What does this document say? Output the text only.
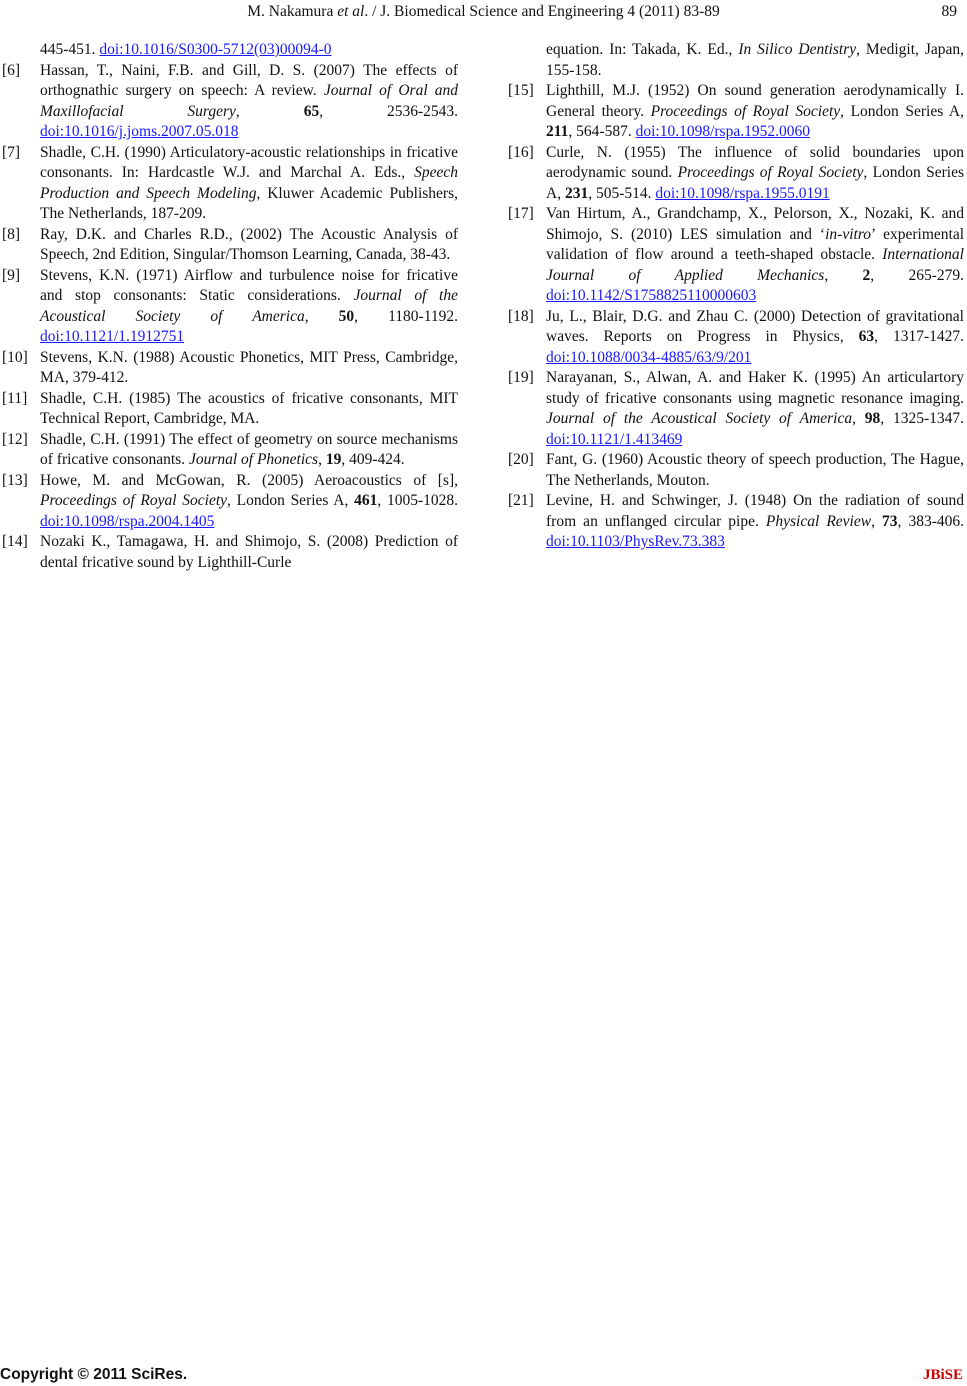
M. Nakamura et al. / J. Biomedical Science and Engineering 4 (2011) 83-89	89
445-451. doi:10.1016/S0300-5712(03)00094-0
[6] Hassan, T., Naini, F.B. and Gill, D. S. (2007) The effects of orthognathic surgery on speech: A review. Journal of Oral and Maxillofacial Surgery, 65, 2536-2543. doi:10.1016/j.joms.2007.05.018
[7] Shadle, C.H. (1990) Articulatory-acoustic relationships in fricative consonants. In: Hardcastle W.J. and Marchal A. Eds., Speech Production and Speech Modeling, Kluwer Academic Publishers, The Netherlands, 187-209.
[8] Ray, D.K. and Charles R.D., (2002) The Acoustic Analysis of Speech, 2nd Edition, Singular/Thomson Learning, Canada, 38-43.
[9] Stevens, K.N. (1971) Airflow and turbulence noise for fricative and stop consonants: Static considerations. Journal of the Acoustical Society of America, 50, 1180-1192. doi:10.1121/1.1912751
[10] Stevens, K.N. (1988) Acoustic Phonetics, MIT Press, Cambridge, MA, 379-412.
[11] Shadle, C.H. (1985) The acoustics of fricative consonants, MIT Technical Report, Cambridge, MA.
[12] Shadle, C.H. (1991) The effect of geometry on source mechanisms of fricative consonants. Journal of Phonetics, 19, 409-424.
[13] Howe, M. and McGowan, R. (2005) Aeroacoustics of [s], Proceedings of Royal Society, London Series A, 461, 1005-1028. doi:10.1098/rspa.2004.1405
[14] Nozaki K., Tamagawa, H. and Shimojo, S. (2008) Prediction of dental fricative sound by Lighthill-Curle
equation. In: Takada, K. Ed., In Silico Dentistry, Medigit, Japan, 155-158.
[15] Lighthill, M.J. (1952) On sound generation aerodynamically I. General theory. Proceedings of Royal Society, London Series A, 211, 564-587. doi:10.1098/rspa.1952.0060
[16] Curle, N. (1955) The influence of solid boundaries upon aerodynamic sound. Proceedings of Royal Society, London Series A, 231, 505-514. doi:10.1098/rspa.1955.0191
[17] Van Hirtum, A., Grandchamp, X., Pelorson, X., Nozaki, K. and Shimojo, S. (2010) LES simulation and ‘in-vitro’ experimental validation of flow around a teeth-shaped obstacle. International Journal of Applied Mechanics, 2, 265-279. doi:10.1142/S1758825110000603
[18] Ju, L., Blair, D.G. and Zhau C. (2000) Detection of gravitational waves. Reports on Progress in Physics, 63, 1317-1427. doi:10.1088/0034-4885/63/9/201
[19] Narayanan, S., Alwan, A. and Haker K. (1995) An articulartory study of fricative consonants using magnetic resonance imaging. Journal of the Acoustical Society of America, 98, 1325-1347. doi:10.1121/1.413469
[20] Fant, G. (1960) Acoustic theory of speech production, The Hague, The Netherlands, Mouton.
[21] Levine, H. and Schwinger, J. (1948) On the radiation of sound from an unflanged circular pipe. Physical Review, 73, 383-406. doi:10.1103/PhysRev.73.383
Copyright © 2011 SciRes.	JBiSE
